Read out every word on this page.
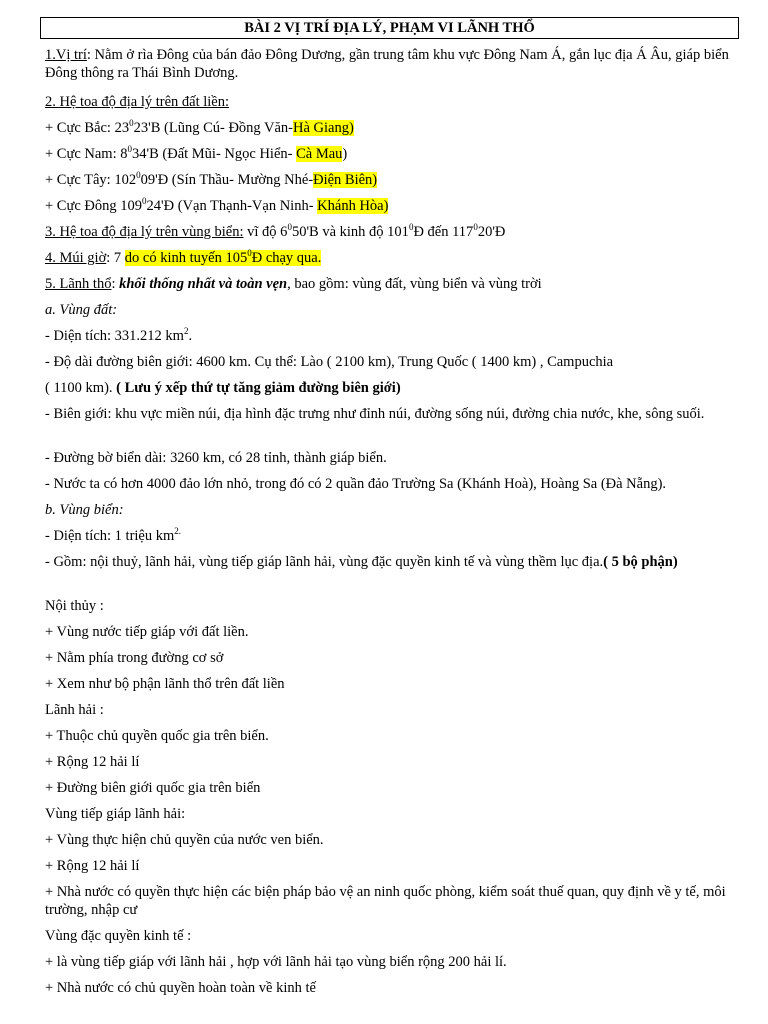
BÀI 2 VỊ TRÍ ĐỊA LÝ, PHẠM VI LÃNH THỔ
1.Vị trí: Nằm ở rìa Đông của bán đảo Đông Dương, gần trung tâm khu vực Đông Nam Á, gắn lục địa Á Âu, giáp biển Đông thông ra Thái Bình Dương.
2. Hệ toa độ địa lý trên đất liền:
+ Cực Bắc: $23^023'B$ (Lũng Cú- Đồng Văn-Hà Giang)
+ Cực Nam: $8^034'B$ (Đất Mũi- Ngọc Hiển- Cà Mau)
+ Cực Tây: $102^009'Đ$ (Sín Thầu- Mường Nhé-Điện Biên)
+ Cực Đông $109^024'Đ$ (Vạn Thạnh-Vạn Ninh- Khánh Hòa)
3. Hệ toa độ địa lý trên vùng biển: vĩ độ $6^050'B$ và kinh độ $101^0Đ$ đến $117^020'Đ$
4. Múi giờ: 7 do có kinh tuyến $105^0Đ$ chạy qua.
5. Lãnh thổ: khối thống nhất và toàn vẹn, bao gồm: vùng đất, vùng biển và vùng trời
a. Vùng đất:
- Diện tích: 331.212 $km^2$.
- Độ dài đường biên giới: 4600 km. Cụ thể: Lào ( 2100 km), Trung Quốc ( 1400 km) , Campuchia
( 1100 km). ( Lưu ý xếp thứ tự tăng giảm đường biên giới)
- Biên giới: khu vực miền núi, địa hình đặc trưng như đỉnh núi, đường sống núi, đường chia nước, khe, sông suối.
- Đường bờ biển dài: 3260 km, có 28 tỉnh, thành giáp biển.
- Nước ta có hơn 4000 đảo lớn nhỏ, trong đó có 2 quần đảo Trường Sa (Khánh Hoà), Hoàng Sa (Đà Nẵng).
b. Vùng biển:
- Diện tích: 1 triệu $km^{2.}$
- Gồm: nội thuỷ, lãnh hải, vùng tiếp giáp lãnh hải, vùng đặc quyền kinh tế và vùng thềm lục địa.( 5 bộ phận)
Nội thủy :
+ Vùng nước tiếp giáp với đất liền.
+ Nằm phía trong đường cơ sở
+ Xem như bộ phận lãnh thổ trên đất liền
Lãnh hải :
+ Thuộc chủ quyền quốc gia trên biển.
+ Rộng 12 hải lí
+ Đường biên giới quốc gia trên biển
Vùng tiếp giáp lãnh hải:
+ Vùng thực hiện chủ quyền của nước ven biển.
+ Rộng 12 hải lí
+ Nhà nước có quyền thực hiện các biện pháp bảo vệ an ninh quốc phòng, kiểm soát thuế quan, quy định về y tế, môi trường, nhập cư
Vùng đặc quyền kinh tế :
+ là vùng tiếp giáp với lãnh hải , hợp với lãnh hải tạo vùng biển rộng 200 hải lí.
+ Nhà nước có chủ quyền hoàn toàn về kinh tế
